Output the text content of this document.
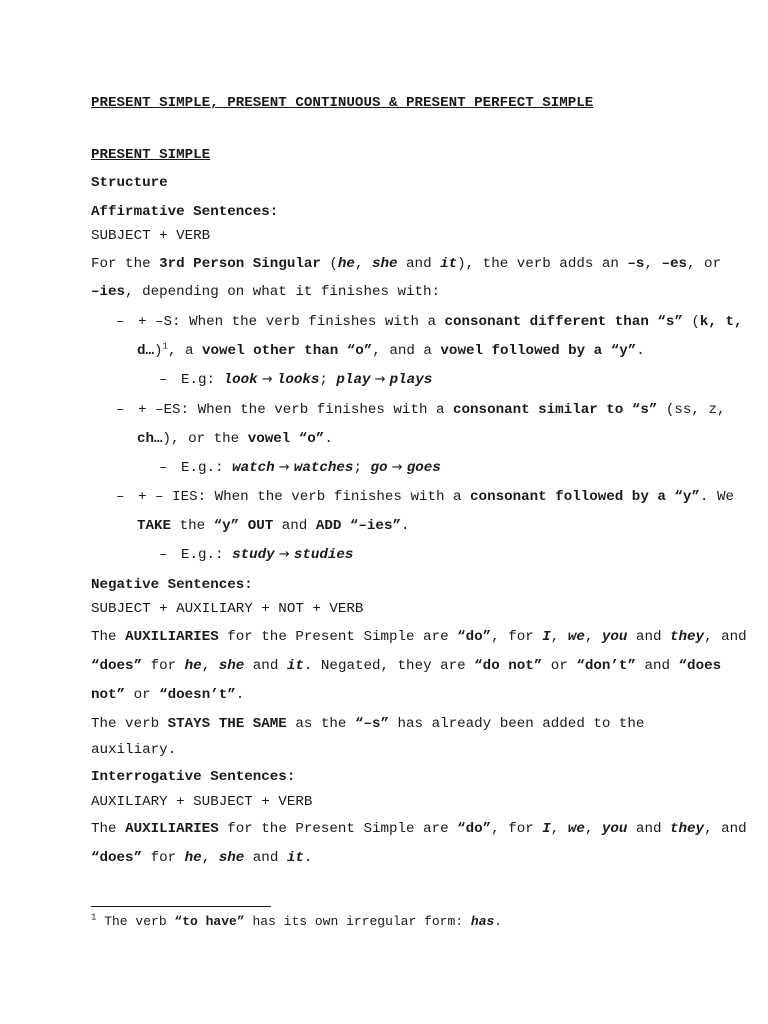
PRESENT SIMPLE, PRESENT CONTINUOUS & PRESENT PERFECT SIMPLE
PRESENT SIMPLE
Structure
Affirmative Sentences:
SUBJECT + VERB
For the 3rd Person Singular (he, she and it), the verb adds an –s, –es, or
–ies, depending on what it finishes with:
– + –S: When the verb finishes with a consonant different than “s” (k, t,
d…)$^1$, a vowel other than “o”, and a vowel followed by a “y”.
– E.g: look → looks; play → plays
– + –ES: When the verb finishes with a consonant similar to “s” (ss, z,
ch…), or the vowel “o”.
– E.g.: watch → watches; go → goes
– + – IES: When the verb finishes with a consonant followed by a “y”. We
TAKE the “y” OUT and ADD “–ies”.
– E.g.: study → studies
Negative Sentences:
SUBJECT + AUXILIARY + NOT + VERB
The AUXILIARIES for the Present Simple are “do”, for I, we, you and they, and
“does” for he, she and it. Negated, they are “do not” or “don’t” and “does
not” or “doesn’t”.
The verb STAYS THE SAME as the “–s” has already been added to the
auxiliary.
Interrogative Sentences:
AUXILIARY + SUBJECT + VERB
The AUXILIARIES for the Present Simple are “do”, for I, we, you and they, and
“does” for he, she and it.
$^1$ The verb “to have” has its own irregular form: has.
